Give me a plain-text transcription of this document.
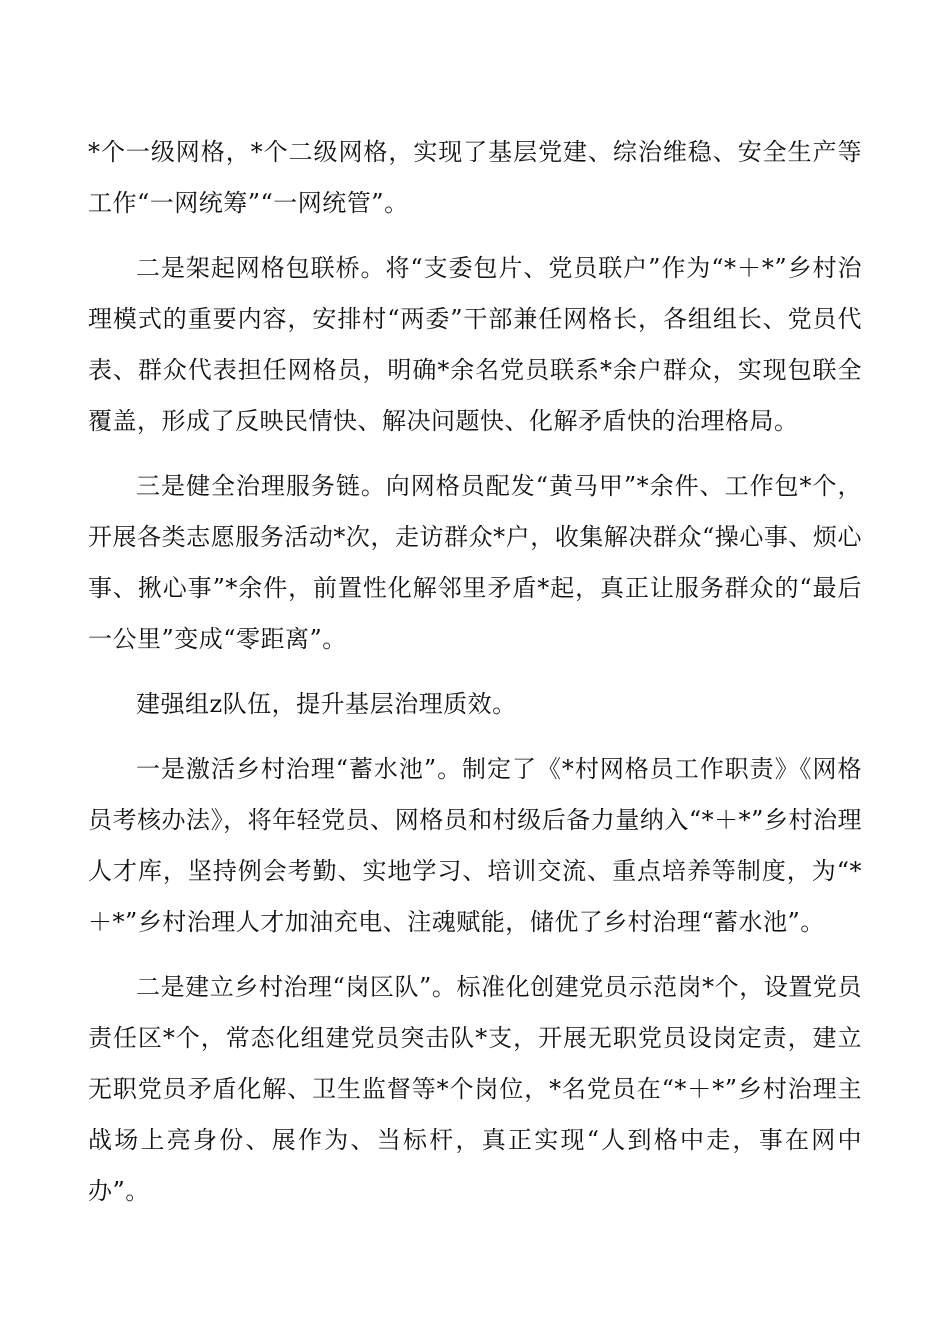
*个一级网格，*个二级网格，实现了基层党建、综治维稳、安全生产等工作“一网统筹”“一网统管”。

二是架起网格包联桥。将“支委包片、党员联户”作为“*＋*”乡村治理模式的重要内容，安排村“两委”干部兼任网格长，各组组长、党员代表、群众代表担任网格员，明确*余名党员联系*余户群众，实现包联全覆盖，形成了反映民情快、解决问题快、化解矛盾快的治理格局。

三是健全治理服务链。向网格员配发“黄马甲”*余件、工作包*个，开展各类志愿服务活动*次，走访群众*户，收集解决群众“操心事、烦心事、揪心事”*余件，前置性化解邻里矛盾*起，真正让服务群众的“最后一公里”变成“零距离”。

建强组z队伍，提升基层治理质效。

一是激活乡村治理“蓄水池”。制定了《*村网格员工作职责》《网格员考核办法》，将年轻党员、网格员和村级后备力量纳入“*＋*”乡村治理人才库，坚持例会考勤、实地学习、培训交流、重点培养等制度，为“*＋*”乡村治理人才加油充电、注魂赋能，储优了乡村治理“蓄水池”。

二是建立乡村治理“岗区队”。标准化创建党员示范岗*个，设置党员责任区*个，常态化组建党员突击队*支，开展无职党员设岗定责，建立无职党员矛盾化解、卫生监督等*个岗位，*名党员在“*＋*”乡村治理主战场上亮身份、展作为、当标杆，真正实现“人到格中走，事在网中办”。
